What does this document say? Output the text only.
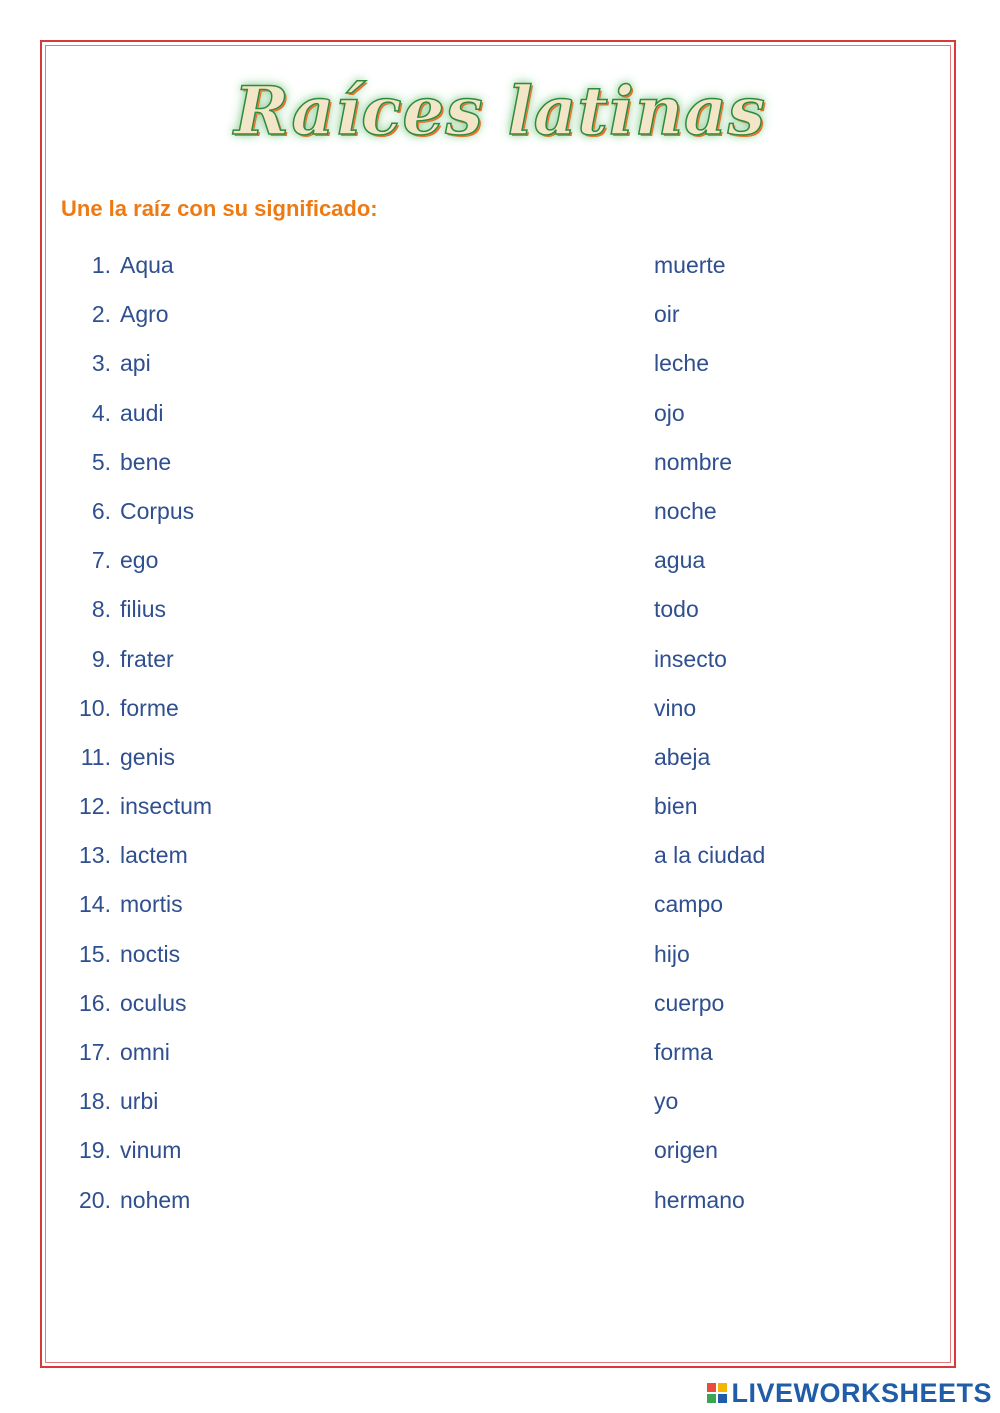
Raíces latinas
Une la raíz con su significado:
1. Aqua
2. Agro
3. api
4. audi
5. bene
6. Corpus
7. ego
8. filius
9. frater
10. forme
11. genis
12. insectum
13. lactem
14. mortis
15. noctis
16. oculus
17. omni
18. urbi
19. vinum
20. nohem
muerte
oir
leche
ojo
nombre
noche
agua
todo
insecto
vino
abeja
bien
a la ciudad
campo
hijo
cuerpo
forma
yo
origen
hermano
LIVEWORKSHEETS
